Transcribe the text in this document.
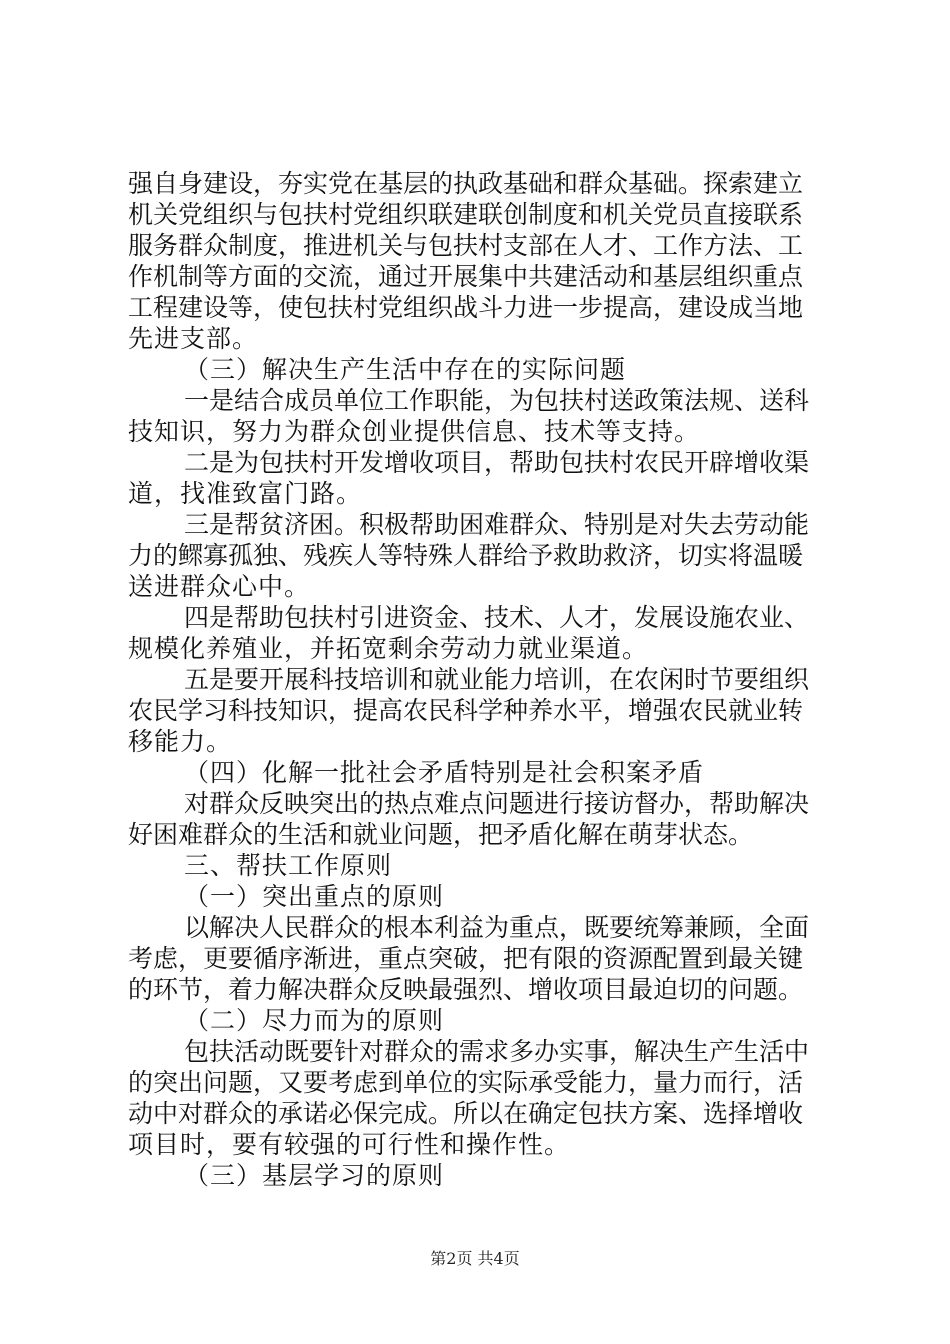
强自身建设，夯实党在基层的执政基础和群众基础。探索建立
机关党组织与包扶村党组织联建联创制度和机关党员直接联系
服务群众制度，推进机关与包扶村支部在人才、工作方法、工
作机制等方面的交流，通过开展集中共建活动和基层组织重点
工程建设等，使包扶村党组织战斗力进一步提高，建设成当地
先进支部。
（三）解决生产生活中存在的实际问题
一是结合成员单位工作职能，为包扶村送政策法规、送科
技知识，努力为群众创业提供信息、技术等支持。
二是为包扶村开发增收项目，帮助包扶村农民开辟增收渠
道，找准致富门路。
三是帮贫济困。积极帮助困难群众、特别是对失去劳动能
力的鳏寡孤独、残疾人等特殊人群给予救助救济，切实将温暖
送进群众心中。
四是帮助包扶村引进资金、技术、人才，发展设施农业、
规模化养殖业，并拓宽剩余劳动力就业渠道。
五是要开展科技培训和就业能力培训，在农闲时节要组织
农民学习科技知识，提高农民科学种养水平，增强农民就业转
移能力。
（四）化解一批社会矛盾特别是社会积案矛盾
对群众反映突出的热点难点问题进行接访督办，帮助解决
好困难群众的生活和就业问题，把矛盾化解在萌芽状态。
三、帮扶工作原则
（一）突出重点的原则
以解决人民群众的根本利益为重点，既要统筹兼顾，全面
考虑，更要循序渐进，重点突破，把有限的资源配置到最关键
的环节，着力解决群众反映最强烈、增收项目最迫切的问题。
（二）尽力而为的原则
包扶活动既要针对群众的需求多办实事，解决生产生活中
的突出问题，又要考虑到单位的实际承受能力，量力而行，活
动中对群众的承诺必保完成。所以在确定包扶方案、选择增收
项目时，要有较强的可行性和操作性。
（三）基层学习的原则
第2页 共4页
